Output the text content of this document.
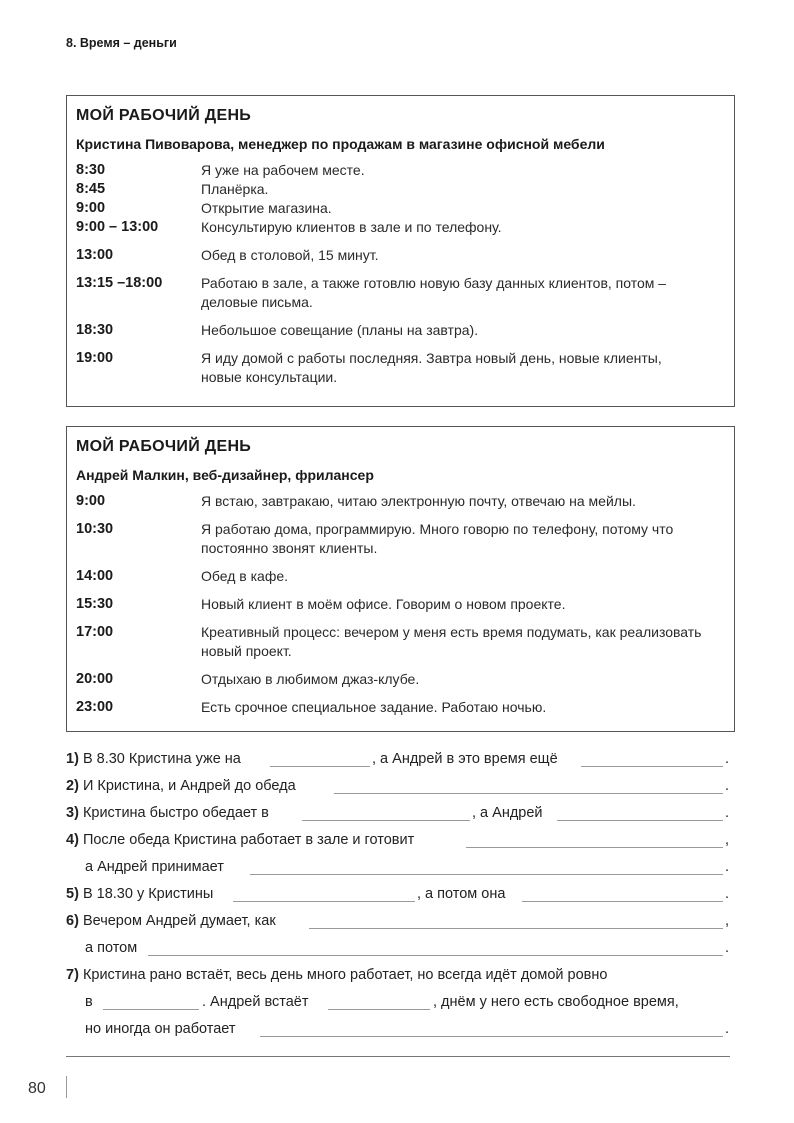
8. Время – деньги
МОЙ РАБОЧИЙ ДЕНЬ
Кристина Пивоварова, менеджер по продажам в магазине офисной мебели
8:30	Я уже на рабочем месте.
8:45	Планёрка.
9:00	Открытие магазина.
9:00 – 13:00	Консультирую клиентов в зале и по телефону.
13:00	Обед в столовой, 15 минут.
13:15 –18:00	Работаю в зале, а также готовлю новую базу данных клиентов, потом – деловые письма.
18:30	Небольшое совещание (планы на завтра).
19:00	Я иду домой с работы последняя. Завтра новый день, новые клиенты, новые консультации.
МОЙ РАБОЧИЙ ДЕНЬ
Андрей Малкин, веб-дизайнер, фрилансер
9:00	Я встаю, завтракаю, читаю электронную почту, отвечаю на мейлы.
10:30	Я работаю дома, программирую. Много говорю по телефону, потому что постоянно звонят клиенты.
14:00	Обед в кафе.
15:30	Новый клиент в моём офисе. Говорим о новом проекте.
17:00	Креативный процесс: вечером у меня есть время подумать, как реализовать новый проект.
20:00	Отдыхаю в любимом джаз-клубе.
23:00	Есть срочное специальное задание. Работаю ночью.
1) В 8.30 Кристина уже на	, а Андрей в это время ещё	.
2) И Кристина, и Андрей до обеда	.
3) Кристина быстро обедает в	, а Андрей	.
4) После обеда Кристина работает в зале и готовит	,
а Андрей принимает	.
5) В 18.30 у Кристины	, а потом она	.
6) Вечером Андрей думает, как	,
а потом	.
7) Кристина рано встаёт, весь день много работает, но всегда идёт домой ровно
в	. Андрей встаёт	, днём у него есть свободное время,
но иногда он работает	.
80
